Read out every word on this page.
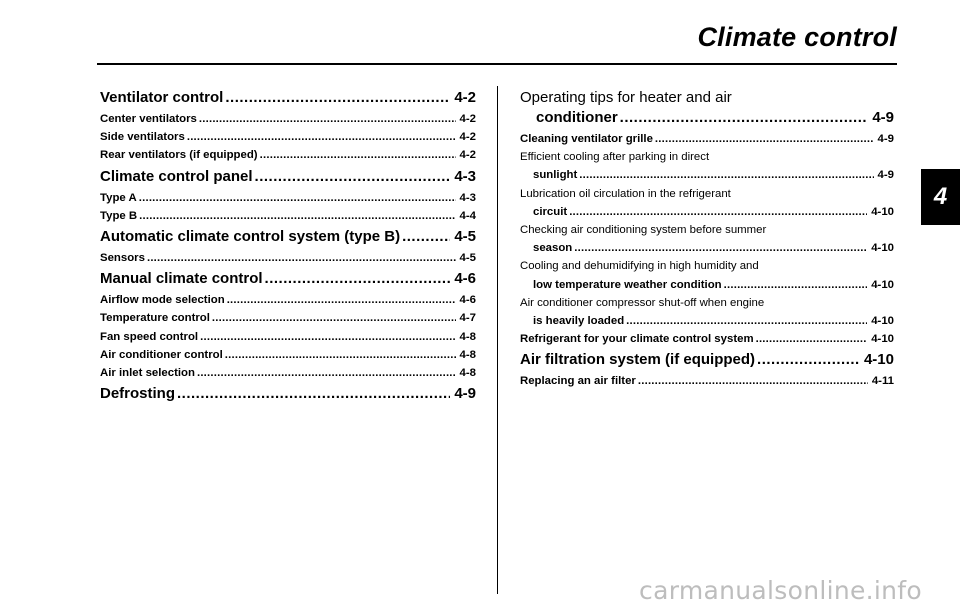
Climate control
Ventilator control .....	4-2
Center ventilators .....	4-2
Side ventilators .....	4-2
Rear ventilators (if equipped) .....	4-2
Climate control panel .....	4-3
Type A .....	4-3
Type B .....	4-4
Automatic climate control system (type B) .....	4-5
Sensors .....	4-5
Manual climate control .....	4-6
Airflow mode selection .....	4-6
Temperature control .....	4-7
Fan speed control .....	4-8
Air conditioner control .....	4-8
Air inlet selection .....	4-8
Defrosting .....	4-9
Operating tips for heater and air
conditioner .....	4-9
Cleaning ventilator grille .....	4-9
Efficient cooling after parking in direct
sunlight .....	4-9
Lubrication oil circulation in the refrigerant
circuit .....	4-10
Checking air conditioning system before summer
season .....	4-10
Cooling and dehumidifying in high humidity and
low temperature weather condition .....	4-10
Air conditioner compressor shut-off when engine
is heavily loaded .....	4-10
Refrigerant for your climate control system .....	4-10
Air filtration system (if equipped) .....	4-10
Replacing an air filter .....	4-11
4
carmanualsonline.info
